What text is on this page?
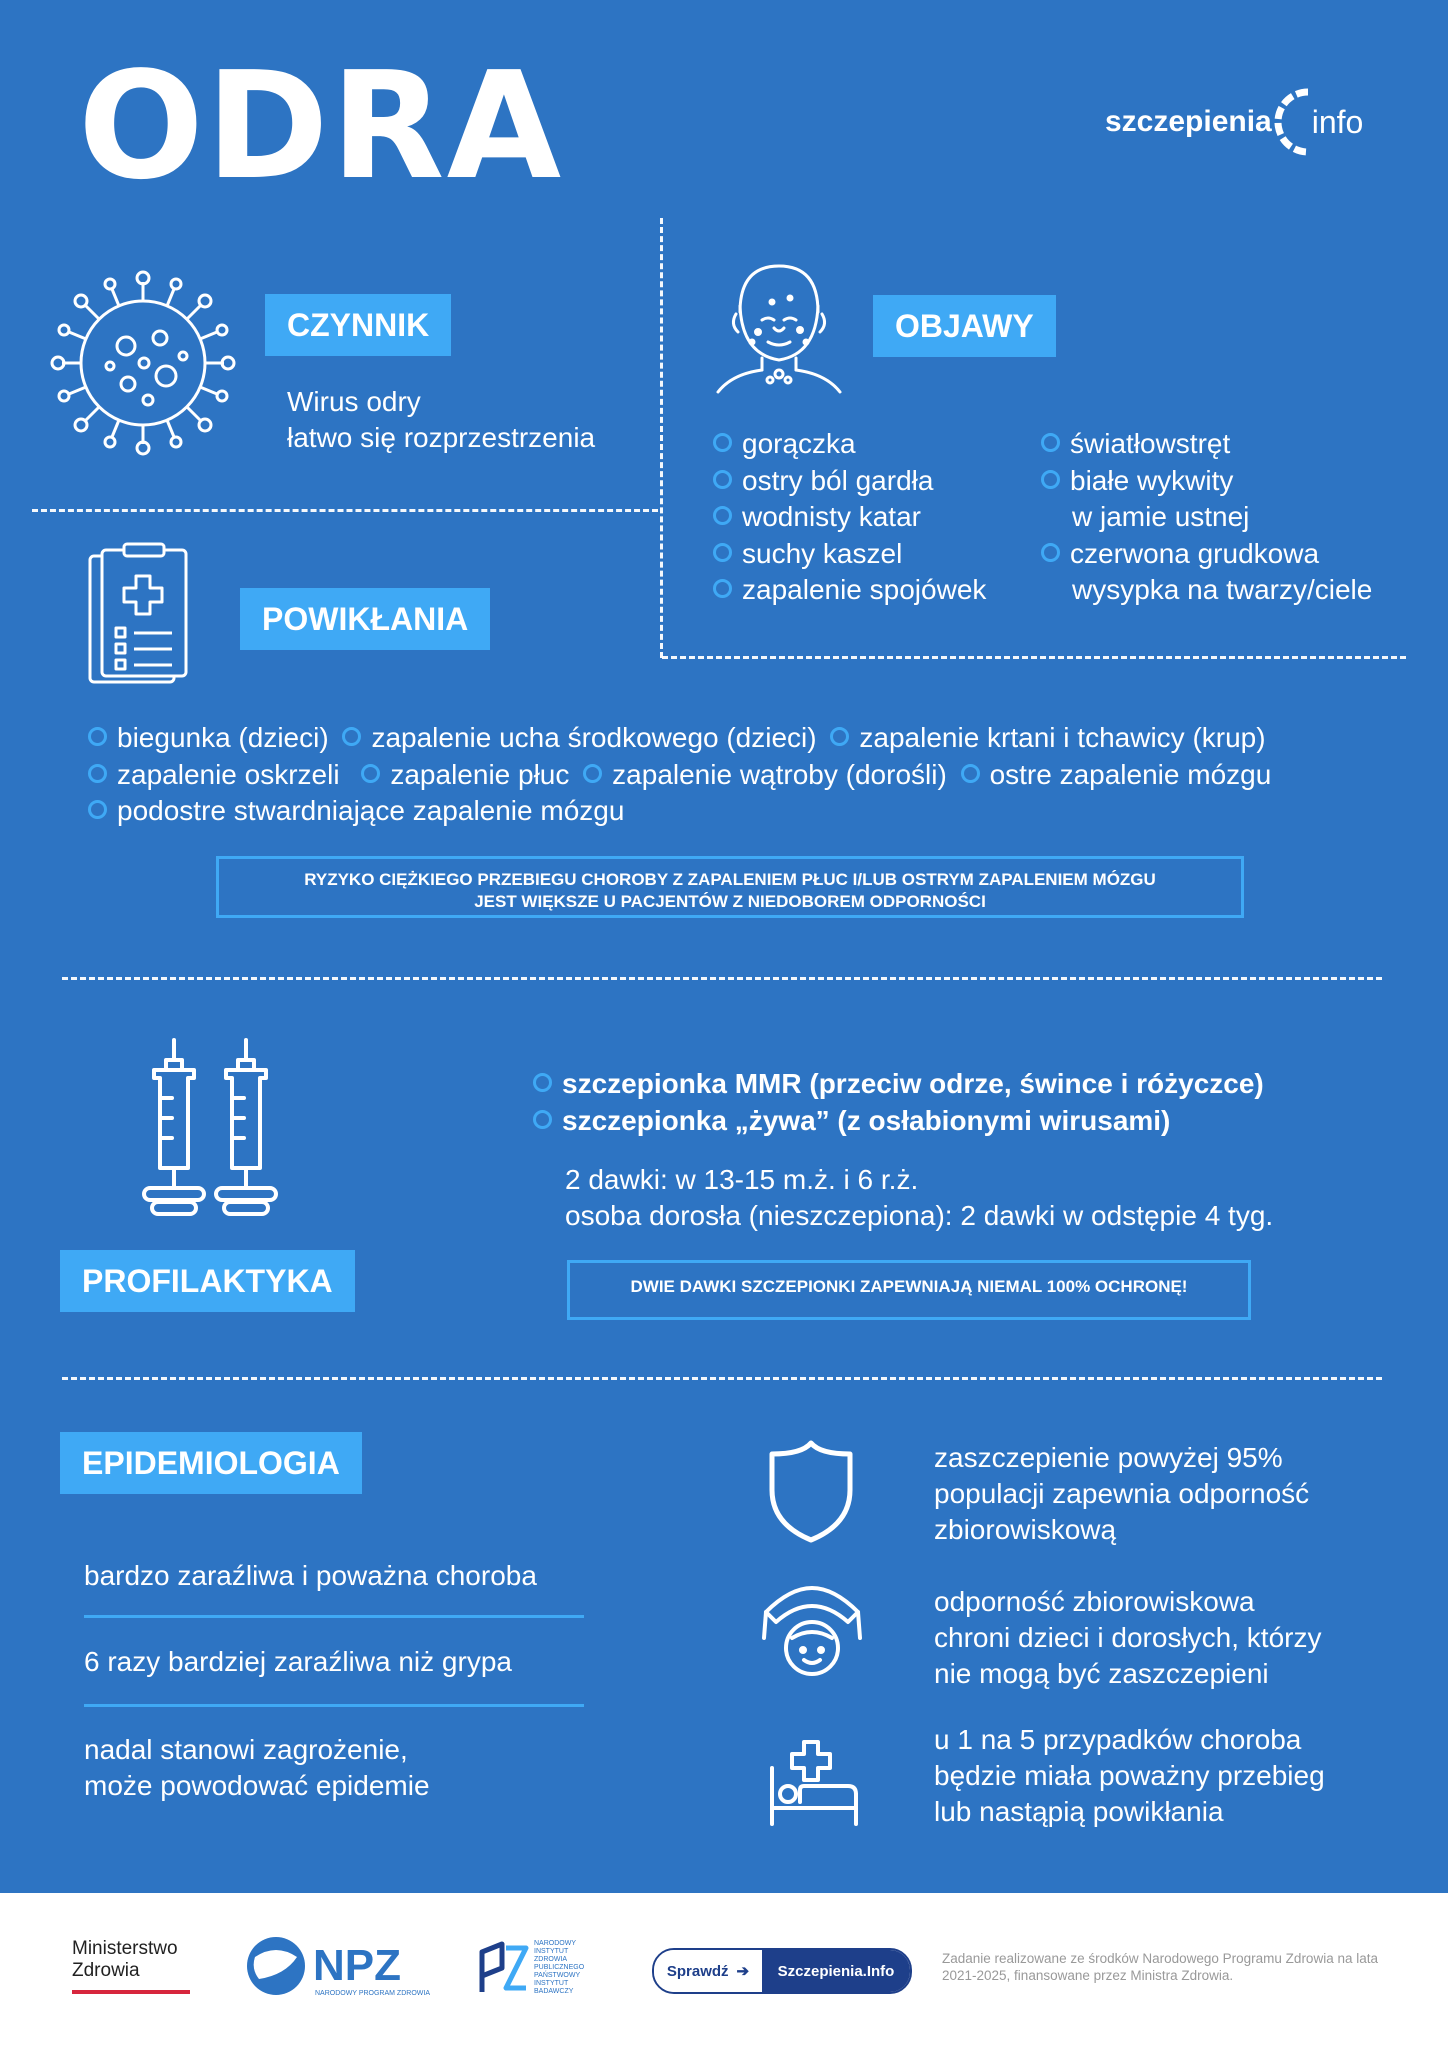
ODRA	szczepienia info
CZYNNIK
Wirus odry
łatwo się rozprzestrzenia
OBJAWY
gorączka
ostry ból gardła
wodnisty katar
suchy kaszel
zapalenie spojówek
światłowstręt
białe wykwity
w jamie ustnej
czerwona grudkowa
wysypka na twarzy/ciele
POWIKŁANIA
biegunka (dzieci) zapalenie ucha środkowego (dzieci) zapalenie krtani i tchawicy (krup)
zapalenie oskrzeli zapalenie płuc zapalenie wątroby (dorośli) ostre zapalenie mózgu
podostre stwardniające zapalenie mózgu
RYZYKO CIĘŻKIEGO PRZEBIEGU CHOROBY Z ZAPALENIEM PŁUC I/LUB OSTRYM ZAPALENIEM MÓZGU
JEST WIĘKSZE U PACJENTÓW Z NIEDOBOREM ODPORNOŚCI
PROFILAKTYKA
szczepionka MMR (przeciw odrze, śwince i różyczce)
szczepionka „żywa” (z osłabionymi wirusami)
2 dawki: w 13-15 m.ż. i 6 r.ż.
osoba dorosła (nieszczepiona): 2 dawki w odstępie 4 tyg.
DWIE DAWKI SZCZEPIONKI ZAPEWNIAJĄ NIEMAL 100% OCHRONĘ!
EPIDEMIOLOGIA
bardzo zaraźliwa i poważna choroba
6 razy bardziej zaraźliwa niż grypa
nadal stanowi zagrożenie,
może powodować epidemie
zaszczepienie powyżej 95%
populacji zapewnia odporność
zbiorowiskową
odporność zbiorowiskowa
chroni dzieci i dorosłych, którzy
nie mogą być zaszczepieni
u 1 na 5 przypadków choroba
będzie miała poważny przebieg
lub nastąpią powikłania
Ministerstwo
Zdrowia	NPZ
NARODOWY PROGRAM ZDROWIA
NARODOWY
INSTYTUT
ZDROWIA
PUBLICZNEGO
PAŃSTWOWY INSTYTUT
BADAWCZY
Sprawdź ➔	Szczepienia.Info
Zadanie realizowane ze środków Narodowego Programu Zdrowia na lata 2021-2025, finansowane przez Ministra Zdrowia.
